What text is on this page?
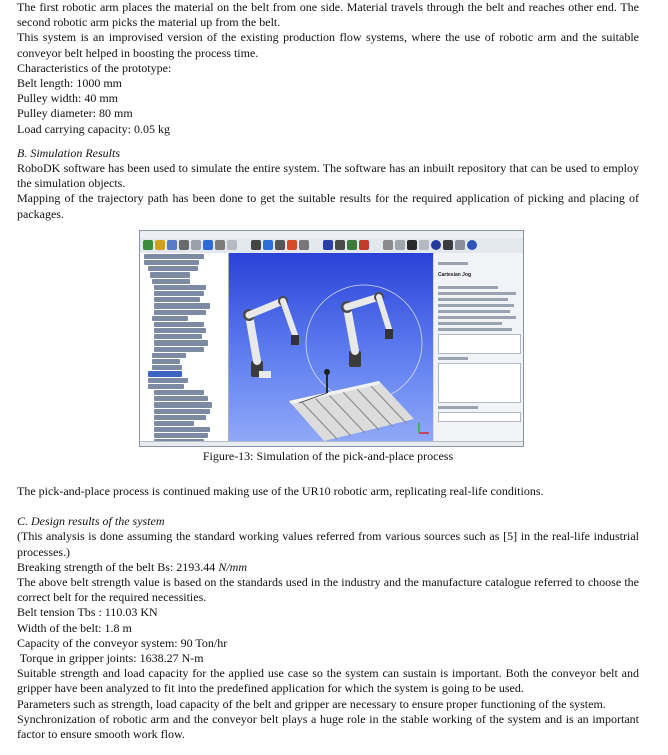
The first robotic arm places the material on the belt from one side. Material travels through the belt and reaches other end. The second robotic arm picks the material up from the belt.

This system is an improvised version of the existing production flow systems, where the use of robotic arm and the suitable conveyor belt helped in boosting the process time.

Characteristics of the prototype:

Belt length: 1000 mm

Pulley width: 40 mm

Pulley diameter: 80 mm

Load carrying capacity: 0.05 kg

B. Simulation Results

RoboDK software has been used to simulate the entire system. The software has an inbuilt repository that can be used to employ the simulation objects.

Mapping of the trajectory path has been done to get the suitable results for the required application of picking and placing of packages.

Cartesian Jog

Figure-13: Simulation of the pick-and-place process

The pick-and-place process is continued making use of the UR10 robotic arm, replicating real-life conditions.

C. Design results of the system

(This analysis is done assuming the standard working values referred from various sources such as [5] in the real-life industrial processes.)

Breaking strength of the belt Bs: 2193.44 N/mm

The above belt strength value is based on the standards used in the industry and the manufacture catalogue referred to choose the correct belt for the required necessities.

Belt tension Tbs : 110.03 KN

Width of the belt: 1.8 m

Capacity of the conveyor system: 90 Ton/hr

Torque in gripper joints: 1638.27 N-m

Suitable strength and load capacity for the applied use case so the system can sustain is important. Both the conveyor belt and gripper have been analyzed to fit into the predefined application for which the system is going to be used.

Parameters such as strength, load capacity of the belt and gripper are necessary to ensure proper functioning of the system.

Synchronization of robotic arm and the conveyor belt plays a huge role in the stable working of the system and is an important factor to ensure smooth work flow.
